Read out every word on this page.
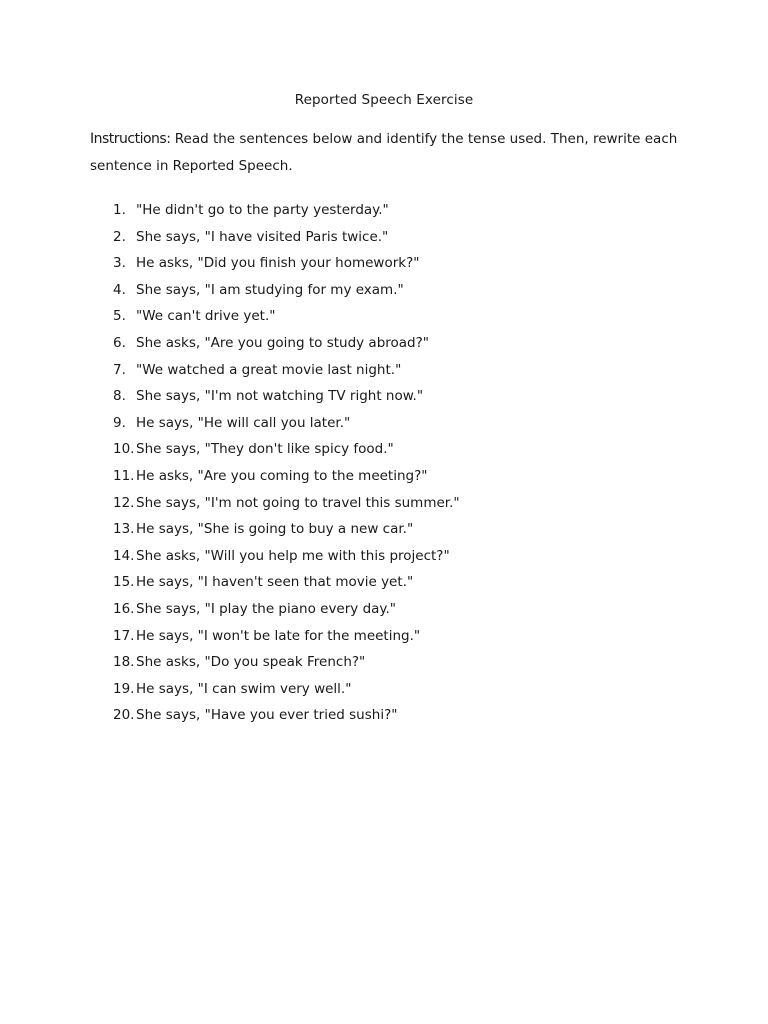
Reported Speech Exercise
Instructions: Read the sentences below and identify the tense used. Then, rewrite each sentence in Reported Speech.
1. "He didn't go to the party yesterday."
2. She says, "I have visited Paris twice."
3. He asks, "Did you finish your homework?"
4. She says, "I am studying for my exam."
5. "We can't drive yet."
6. She asks, "Are you going to study abroad?"
7. "We watched a great movie last night."
8. She says, "I'm not watching TV right now."
9. He says, "He will call you later."
10. She says, "They don't like spicy food."
11. He asks, "Are you coming to the meeting?"
12. She says, "I'm not going to travel this summer."
13. He says, "She is going to buy a new car."
14. She asks, "Will you help me with this project?"
15. He says, "I haven't seen that movie yet."
16. She says, "I play the piano every day."
17. He says, "I won't be late for the meeting."
18. She asks, "Do you speak French?"
19. He says, "I can swim very well."
20. She says, "Have you ever tried sushi?"
